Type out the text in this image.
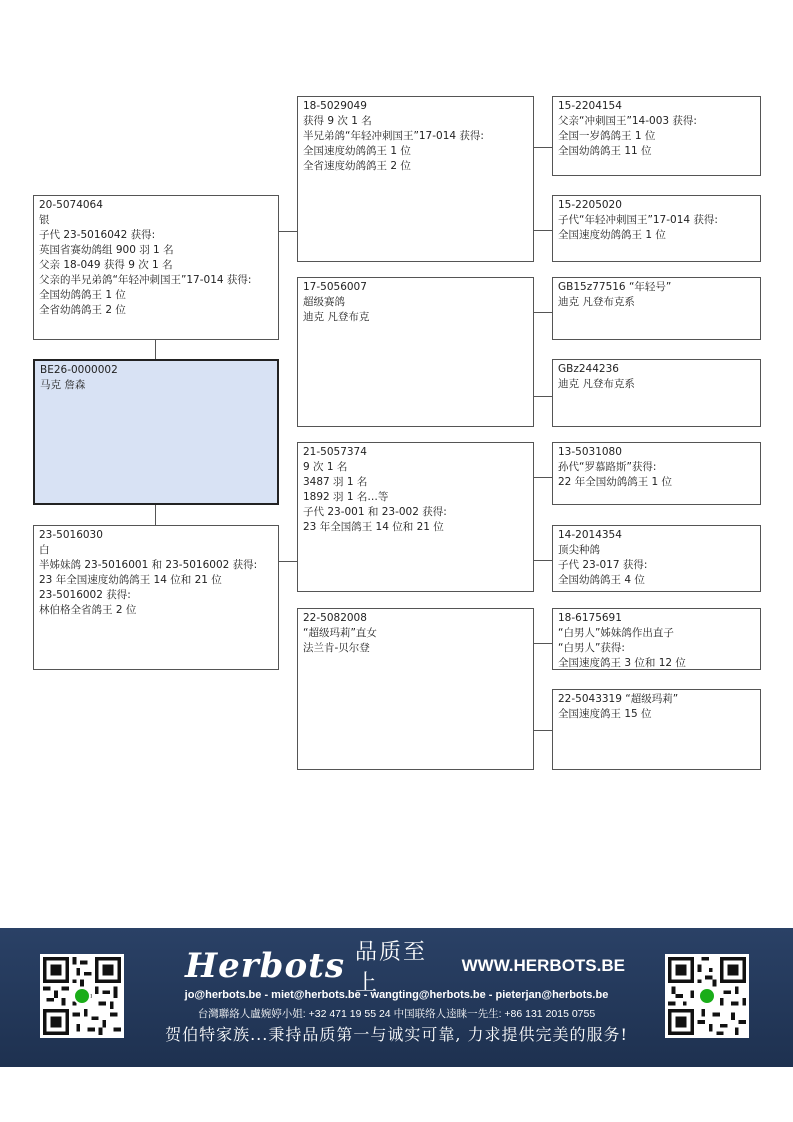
20-5074064
银
子代 23-5016042 获得:
英国省赛幼鸽组 900 羽 1 名
父亲 18-049 获得 9 次 1 名
父亲的半兄弟鸽“年轻冲刺国王”17-014 获得:
全国幼鸽鸽王 1 位
全省幼鸽鸽王 2 位
BE26-0000002
马克 詹森
23-5016030
白
半姊妹鸽 23-5016001 和 23-5016002 获得:
23 年全国速度幼鸽鸽王 14 位和 21 位
23-5016002 获得:
林伯格全省鸽王 2 位
18-5029049
获得 9 次 1 名
半兄弟鸽“年轻冲刺国王”17-014 获得:
全国速度幼鸽鸽王 1 位
全省速度幼鸽鸽王 2 位
17-5056007
超级赛鸽
迪克 凡登布克
21-5057374
9 次 1 名
3487 羽 1 名
1892 羽 1 名…等
子代 23-001 和 23-002 获得:
23 年全国鸽王 14 位和 21 位
22-5082008
“超级玛莉”直女
法兰肯-贝尔登
15-2204154
父亲“冲刺国王”14-003 获得:
全国一岁鸽鸽王 1 位
全国幼鸽鸽王 11 位
15-2205020
子代“年轻冲刺国王”17-014 获得:
全国速度幼鸽鸽王 1 位
GB15z77516 “年轻号”
迪克 凡登布克系
GBz244236
迪克 凡登布克系
13-5031080
孙代“罗慕路斯”获得:
22 年全国幼鸽鸽王 1 位
14-2014354
顶尖种鸽
子代 23-017 获得:
全国幼鸽鸽王 4 位
18-6175691
“白男人”姊妹鸽作出直子
“白男人”获得:
全国速度鸽王 3 位和 12 位
22-5043319 “超级玛莉”
全国速度鸽王 15 位
Herbots 品质至上
WWW.HERBOTS.BE
jo@herbots.be - miet@herbots.be - wangting@herbots.be - pieterjan@herbots.be
台灣聯絡人盧婉婷小姐: +32 471 19 55 24 中国联络人逵睐一先生: +86 131 2015 0755
贺伯特家族...秉持品质第一与诚实可靠, 力求提供完美的服务!
